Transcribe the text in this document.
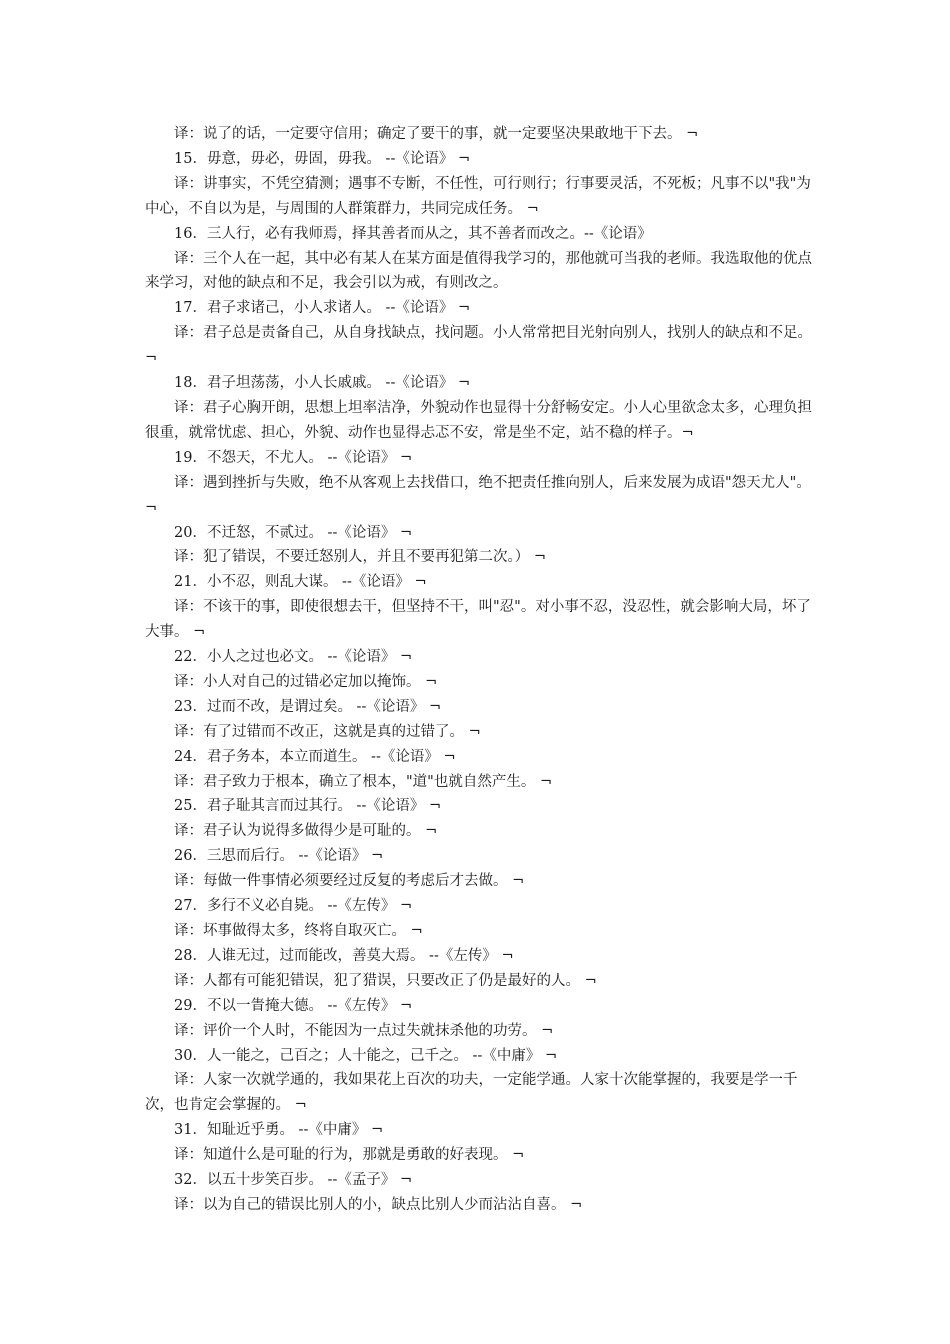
译：说了的话，一定要守信用；确定了要干的事，就一定要坚决果敢地干下去。 ¬

15．毋意，毋必，毋固，毋我。 --《论语》 ¬

译：讲事实，不凭空猜测；遇事不专断，不任性，可行则行；行事要灵活，不死板；凡事不以"我"为中心，不自以为是，与周围的人群策群力，共同完成任务。 ¬

16．三人行，必有我师焉，择其善者而从之，其不善者而改之。--《论语》

译：三个人在一起，其中必有某人在某方面是值得我学习的，那他就可当我的老师。我选取他的优点来学习，对他的缺点和不足，我会引以为戒，有则改之。

17．君子求诸己，小人求诸人。 --《论语》 ¬

译：君子总是责备自己，从自身找缺点，找问题。小人常常把目光射向别人，找别人的缺点和不足。 ¬

18．君子坦荡荡，小人长戚戚。 --《论语》 ¬

译：君子心胸开朗，思想上坦率洁净，外貌动作也显得十分舒畅安定。小人心里欲念太多，心理负担很重，就常忧虑、担心，外貌、动作也显得忐忑不安，常是坐不定，站不稳的样子。¬

19．不怨天，不尤人。 --《论语》 ¬

译：遇到挫折与失败，绝不从客观上去找借口，绝不把责任推向别人，后来发展为成语"怨天尤人"。 ¬

20．不迁怒，不贰过。 --《论语》 ¬

译：犯了错误，不要迁怒别人，并且不要再犯第二次。） ¬

21．小不忍，则乱大谋。 --《论语》 ¬

译：不该干的事，即使很想去干，但坚持不干，叫"忍"。对小事不忍，没忍性，就会影响大局，坏了大事。 ¬

22．小人之过也必文。 --《论语》 ¬

译：小人对自己的过错必定加以掩饰。 ¬

23．过而不改，是谓过矣。 --《论语》 ¬

译：有了过错而不改正，这就是真的过错了。 ¬

24．君子务本，本立而道生。 --《论语》 ¬

译：君子致力于根本，确立了根本，"道"也就自然产生。 ¬

25．君子耻其言而过其行。 --《论语》 ¬

译：君子认为说得多做得少是可耻的。 ¬

26．三思而后行。 --《论语》 ¬

译：每做一件事情必须要经过反复的考虑后才去做。 ¬

27．多行不义必自毙。 --《左传》 ¬

译：坏事做得太多，终将自取灭亡。 ¬

28．人谁无过，过而能改，善莫大焉。 --《左传》 ¬

译：人都有可能犯错误，犯了猎误，只要改正了仍是最好的人。 ¬

29．不以一眚掩大德。 --《左传》 ¬

译：评价一个人时，不能因为一点过失就抹杀他的功劳。 ¬

30．人一能之，己百之；人十能之，己千之。 --《中庸》 ¬

译：人家一次就学通的，我如果花上百次的功夫，一定能学通。人家十次能掌握的，我要是学一千次，也肯定会掌握的。 ¬

31．知耻近乎勇。 --《中庸》 ¬

译：知道什么是可耻的行为，那就是勇敢的好表现。 ¬

32．以五十步笑百步。 --《孟子》 ¬

译：以为自己的错误比别人的小，缺点比别人少而沾沾自喜。 ¬
